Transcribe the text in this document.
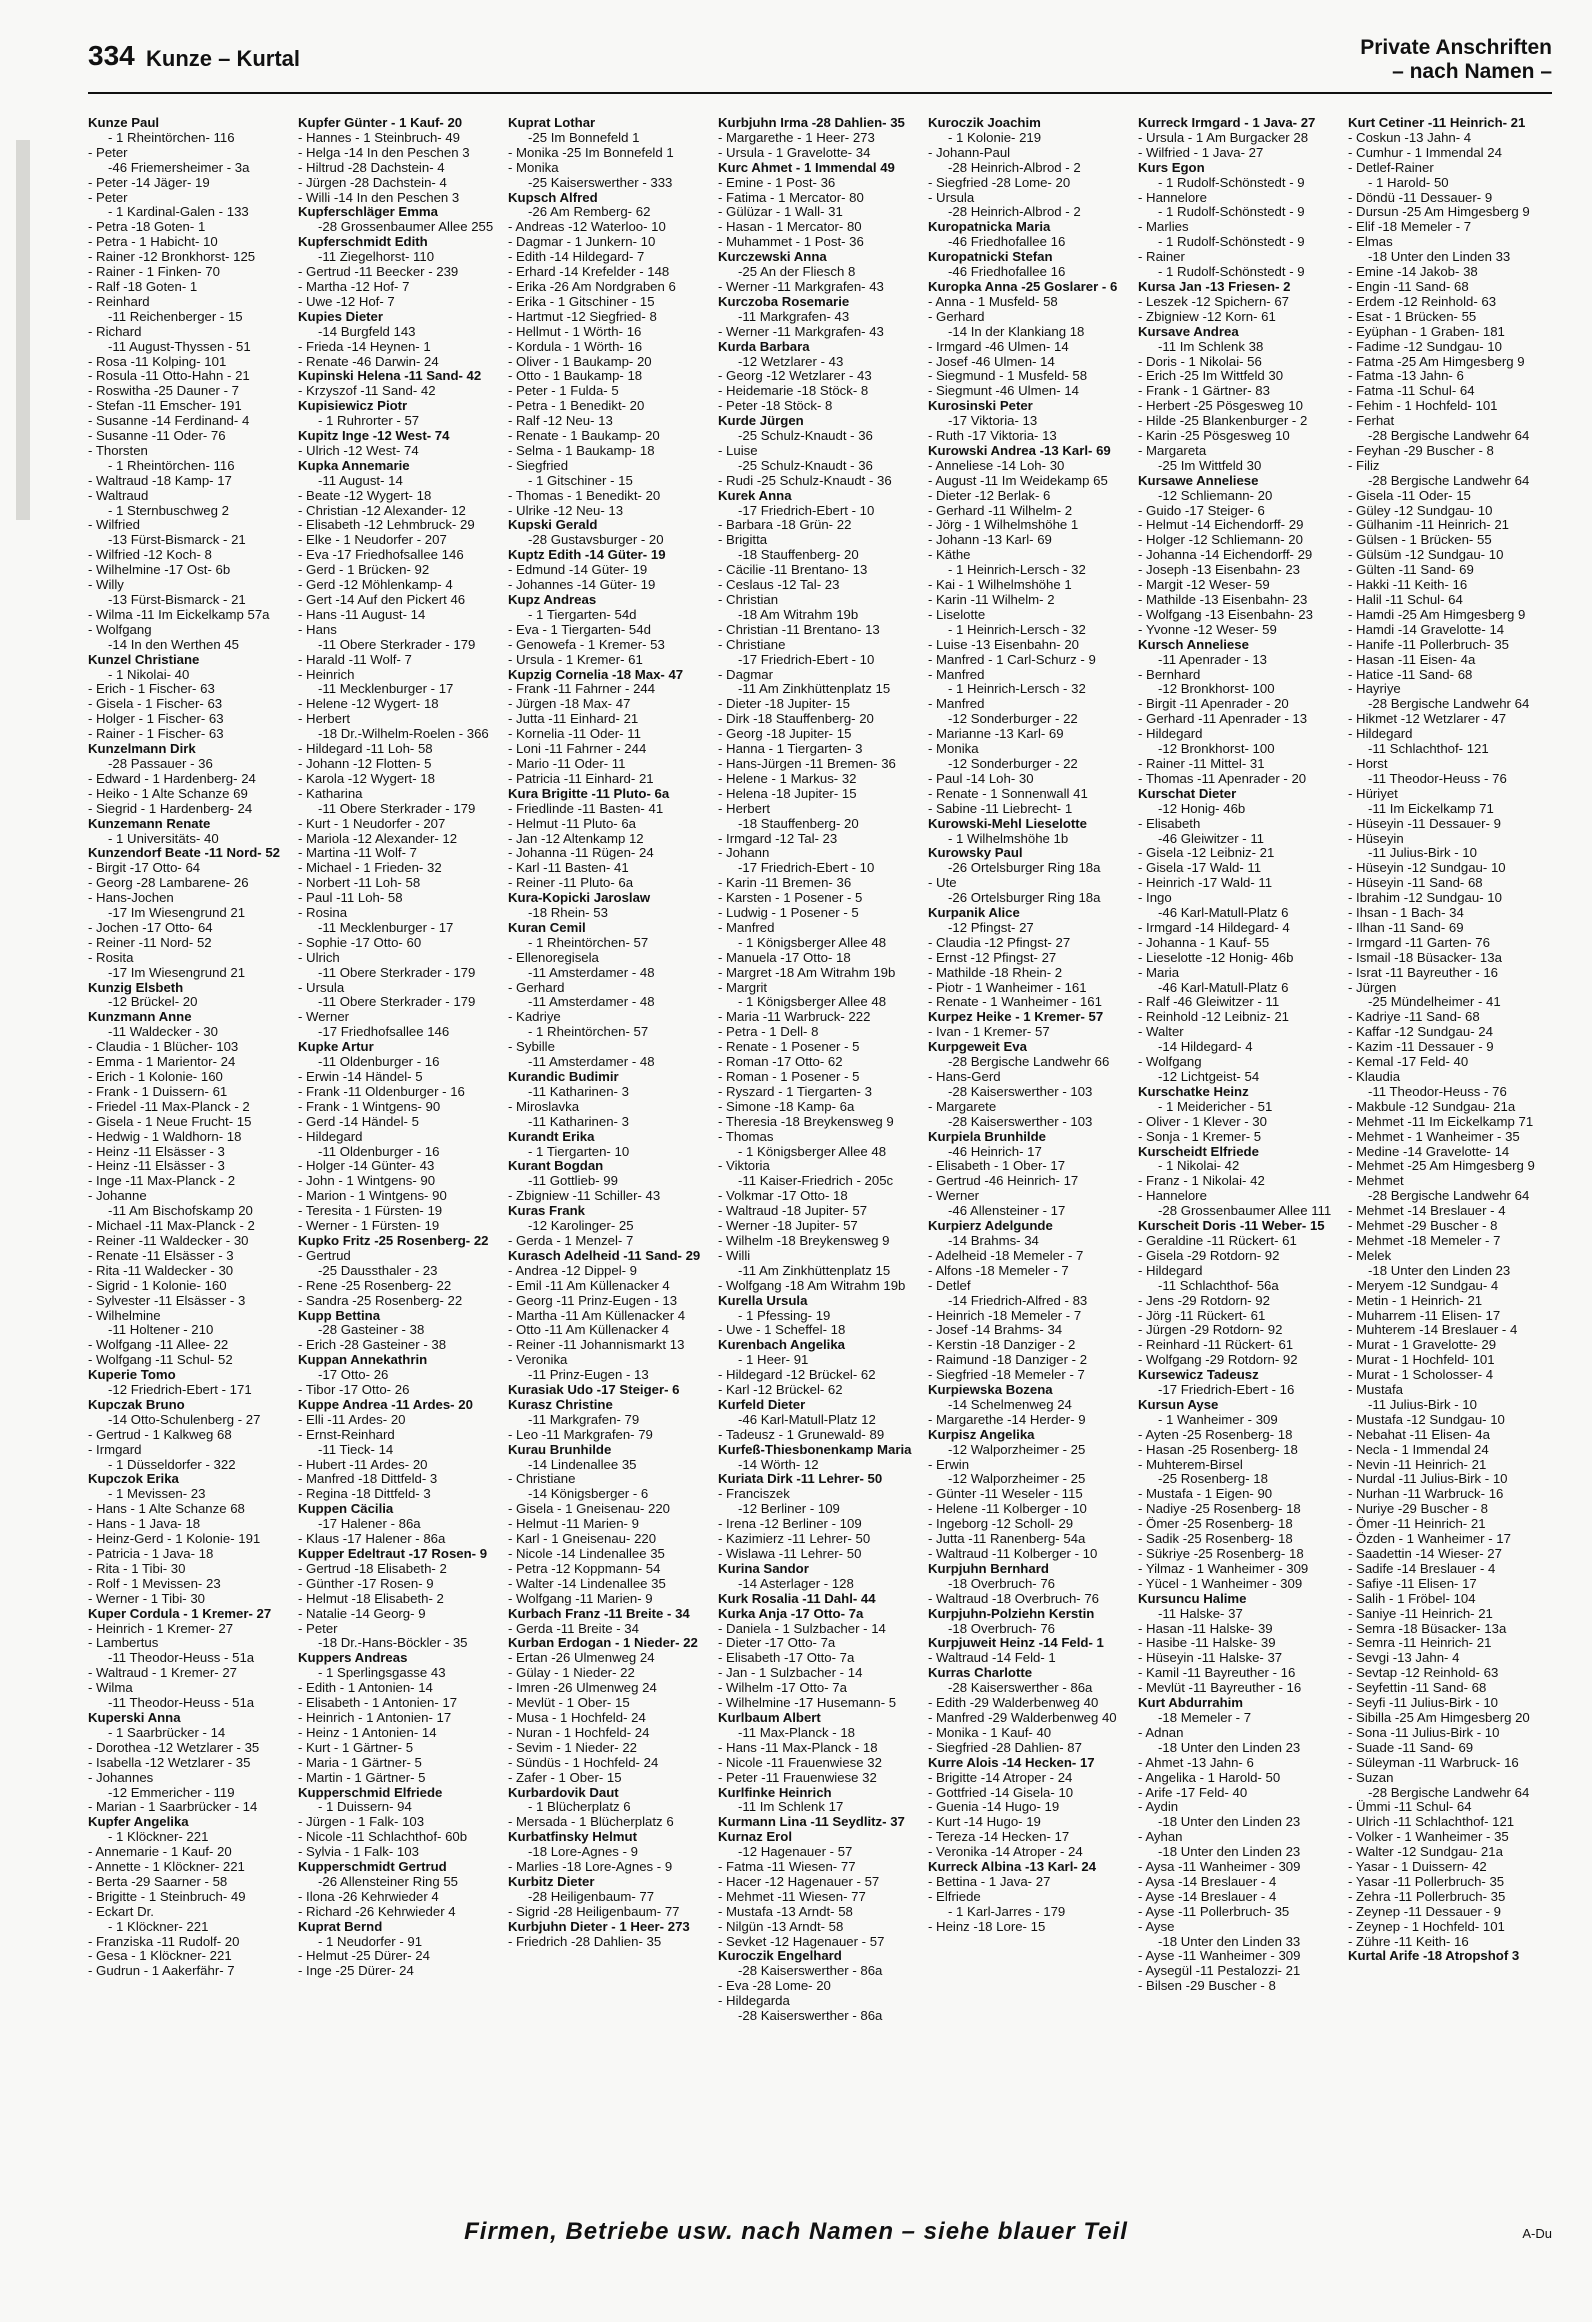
334 Kunze – Kurtal	Private Anschriften
– nach Namen –
Kunze Paul
- 1 Rheintörchen- 116
- Peter
-46 Friemersheimer - 3a
- Peter -14 Jäger- 19
- Peter
- 1 Kardinal-Galen - 133
- Petra -18 Goten- 1
- Petra - 1 Habicht- 10
- Rainer -12 Bronkhorst- 125
- Rainer - 1 Finken- 70
- Ralf -18 Goten- 1
- Reinhard
-11 Reichenberger - 15
- Richard
-11 August-Thyssen - 51
- Rosa -11 Kolping- 101
- Rosula -11 Otto-Hahn - 21
- Roswitha -25 Dauner - 7
- Stefan -11 Emscher- 191
- Susanne -14 Ferdinand- 4
- Susanne -11 Oder- 76
- Thorsten
- 1 Rheintörchen- 116
- Waltraud -18 Kamp- 17
- Waltraud
- 1 Sternbuschweg 2
- Wilfried
-13 Fürst-Bismarck - 21
- Wilfried -12 Koch- 8
- Wilhelmine -17 Ost- 6b
- Willy
-13 Fürst-Bismarck - 21
- Wilma -11 Im Eickelkamp 57a
- Wolfgang
-14 In den Werthen 45
Kunzel Christiane
- 1 Nikolai- 40
- Erich - 1 Fischer- 63
- Gisela - 1 Fischer- 63
- Holger - 1 Fischer- 63
- Rainer - 1 Fischer- 63
Kunzelmann Dirk
-28 Passauer - 36
- Edward - 1 Hardenberg- 24
- Heiko - 1 Alte Schanze 69
- Siegrid - 1 Hardenberg- 24
Kunzemann Renate
- 1 Universitäts- 40
Kunzendorf Beate -11 Nord- 52
- Birgit -17 Otto- 64
- Georg -28 Lambarene- 26
- Hans-Jochen
-17 Im Wiesengrund 21
- Jochen -17 Otto- 64
- Reiner -11 Nord- 52
- Rosita
-17 Im Wiesengrund 21
Kunzig Elsbeth
-12 Brückel- 20
Kunzmann Anne
-11 Waldecker - 30
- Claudia - 1 Blücher- 103
- Emma - 1 Marientor- 24
- Erich - 1 Kolonie- 160
- Frank - 1 Duissern- 61
- Friedel -11 Max-Planck - 2
- Gisela - 1 Neue Frucht- 15
- Hedwig - 1 Waldhorn- 18
- Heinz -11 Elsässer - 3
- Heinz -11 Elsässer - 3
- Inge -11 Max-Planck - 2
- Johanne
-11 Am Bischofskamp 20
- Michael -11 Max-Planck - 2
- Reiner -11 Waldecker - 30
- Renate -11 Elsässer - 3
- Rita -11 Waldecker - 30
- Sigrid - 1 Kolonie- 160
- Sylvester -11 Elsässer - 3
- Wilhelmine
-11 Holtener - 210
- Wolfgang -11 Allee- 22
- Wolfgang -11 Schul- 52
Kuperie Tomo
-12 Friedrich-Ebert - 171
Kupczak Bruno
-14 Otto-Schulenberg - 27
- Gertrud - 1 Kalkweg 68
- Irmgard
- 1 Düsseldorfer - 322
Kupczok Erika
- 1 Mevissen- 23
- Hans - 1 Alte Schanze 68
- Hans - 1 Java- 18
- Heinz-Gerd - 1 Kolonie- 191
- Patricia - 1 Java- 18
- Rita - 1 Tibi- 30
- Rolf - 1 Mevissen- 23
- Werner - 1 Tibi- 30
Kuper Cordula - 1 Kremer- 27
- Heinrich - 1 Kremer- 27
- Lambertus
-11 Theodor-Heuss - 51a
- Waltraud - 1 Kremer- 27
- Wilma
-11 Theodor-Heuss - 51a
Kuperski Anna
- 1 Saarbrücker - 14
- Dorothea -12 Wetzlarer - 35
- Isabella -12 Wetzlarer - 35
- Johannes
-12 Emmericher - 119
- Marian - 1 Saarbrücker - 14
Kupfer Angelika
- 1 Klöckner- 221
- Annemarie - 1 Kauf- 20
- Annette - 1 Klöckner- 221
- Berta -29 Saarner - 58
- Brigitte - 1 Steinbruch- 49
- Eckart Dr.
- 1 Klöckner- 221
- Franziska -11 Rudolf- 20
- Gesa - 1 Klöckner- 221
- Gudrun - 1 Aakerfähr- 7
Kupfer Günter - 1 Kauf- 20
- Hannes - 1 Steinbruch- 49
- Helga -14 In den Peschen 3
- Hiltrud -28 Dachstein- 4
- Jürgen -28 Dachstein- 4
- Willi -14 In den Peschen 3
Kupferschläger Emma
-28 Grossenbaumer Allee 255
Kupferschmidt Edith
-11 Ziegelhorst- 110
- Gertrud -11 Beecker - 239
- Martha -12 Hof- 7
- Uwe -12 Hof- 7
Kupies Dieter
-14 Burgfeld 143
- Frieda -14 Heynen- 1
- Renate -46 Darwin- 24
Kupinski Helena -11 Sand- 42
- Krzyszof -11 Sand- 42
Kupisiewicz Piotr
- 1 Ruhrorter - 57
Kupitz Inge -12 West- 74
- Ulrich -12 West- 74
Kupka Annemarie
-11 August- 14
- Beate -12 Wygert- 18
- Christian -12 Alexander- 12
- Elisabeth -12 Lehmbruck- 29
- Elke - 1 Neudorfer - 207
- Eva -17 Friedhofsallee 146
- Gerd - 1 Brücken- 92
- Gerd -12 Möhlenkamp- 4
- Gert -14 Auf den Pickert 46
- Hans -11 August- 14
- Hans
-11 Obere Sterkrader - 179
- Harald -11 Wolf- 7
- Heinrich
-11 Mecklenburger - 17
- Helene -12 Wygert- 18
- Herbert
-18 Dr.-Wilhelm-Roelen - 366
- Hildegard -11 Loh- 58
- Johann -12 Flotten- 5
- Karola -12 Wygert- 18
- Katharina
-11 Obere Sterkrader - 179
- Kurt - 1 Neudorfer - 207
- Mariola -12 Alexander- 12
- Martina -11 Wolf- 7
- Michael - 1 Frieden- 32
- Norbert -11 Loh- 58
- Paul -11 Loh- 58
- Rosina
-11 Mecklenburger - 17
- Sophie -17 Otto- 60
- Ulrich
-11 Obere Sterkrader - 179
- Ursula
-11 Obere Sterkrader - 179
- Werner
-17 Friedhofsallee 146
Kupke Artur
-11 Oldenburger - 16
- Erwin -14 Händel- 5
- Frank -11 Oldenburger - 16
- Frank - 1 Wintgens- 90
- Gerd -14 Händel- 5
- Hildegard
-11 Oldenburger - 16
- Holger -14 Günter- 43
- John - 1 Wintgens- 90
- Marion - 1 Wintgens- 90
- Teresita - 1 Fürsten- 19
- Werner - 1 Fürsten- 19
Kupko Fritz -25 Rosenberg- 22
- Gertrud
-25 Daussthaler - 23
- Rene -25 Rosenberg- 22
- Sandra -25 Rosenberg- 22
Kupp Bettina
-28 Gasteiner - 38
- Erich -28 Gasteiner - 38
Kuppan Annekathrin
-17 Otto- 26
- Tibor -17 Otto- 26
Kuppe Andrea -11 Ardes- 20
- Elli -11 Ardes- 20
- Ernst-Reinhard
-11 Tieck- 14
- Hubert -11 Ardes- 20
- Manfred -18 Dittfeld- 3
- Regina -18 Dittfeld- 3
Kuppen Cäcilia
-17 Halener - 86a
- Klaus -17 Halener - 86a
Kupper Edeltraut -17 Rosen- 9
- Gertrud -18 Elisabeth- 2
- Günther -17 Rosen- 9
- Helmut -18 Elisabeth- 2
- Natalie -14 Georg- 9
- Peter
-18 Dr.-Hans-Böckler - 35
Kuppers Andreas
- 1 Sperlingsgasse 43
- Edith - 1 Antonien- 14
- Elisabeth - 1 Antonien- 17
- Heinrich - 1 Antonien- 17
- Heinz - 1 Antonien- 14
- Kurt - 1 Gärtner- 5
- Maria - 1 Gärtner- 5
- Martin - 1 Gärtner- 5
Kupperschmid Elfriede
- 1 Duissern- 94
- Jürgen - 1 Falk- 103
- Nicole -11 Schlachthof- 60b
- Sylvia - 1 Falk- 103
Kupperschmidt Gertrud
-26 Allensteiner Ring 55
- Ilona -26 Kehrwieder 4
- Richard -26 Kehrwieder 4
Kuprat Bernd
- 1 Neudorfer - 91
- Helmut -25 Dürer- 24
- Inge -25 Dürer- 24
Kuprat Lothar
-25 Im Bonnefeld 1
- Monika -25 Im Bonnefeld 1
- Monika
-25 Kaiserswerther - 333
Kupsch Alfred
-26 Am Remberg- 62
- Andreas -12 Waterloo- 10
- Dagmar - 1 Junkern- 10
- Edith -14 Hildegard- 7
- Erhard -14 Krefelder - 148
- Erika -26 Am Nordgraben 6
- Erika - 1 Gitschiner - 15
- Hartmut -12 Siegfried- 8
- Hellmut - 1 Wörth- 16
- Kordula - 1 Wörth- 16
- Oliver - 1 Baukamp- 20
- Otto - 1 Baukamp- 18
- Peter - 1 Fulda- 5
- Petra - 1 Benedikt- 20
- Ralf -12 Neu- 13
- Renate - 1 Baukamp- 20
- Selma - 1 Baukamp- 18
- Siegfried
- 1 Gitschiner - 15
- Thomas - 1 Benedikt- 20
- Ulrike -12 Neu- 13
Kupski Gerald
-28 Gustavsburger - 20
Kuptz Edith -14 Güter- 19
- Edmund -14 Güter- 19
- Johannes -14 Güter- 19
Kupz Andreas
- 1 Tiergarten- 54d
- Eva - 1 Tiergarten- 54d
- Genowefa - 1 Kremer- 53
- Ursula - 1 Kremer- 61
Kupzig Cornelia -18 Max- 47
- Frank -11 Fahrner - 244
- Jürgen -18 Max- 47
- Jutta -11 Einhard- 21
- Kornelia -11 Oder- 11
- Loni -11 Fahrner - 244
- Mario -11 Oder- 11
- Patricia -11 Einhard- 21
Kura Brigitte -11 Pluto- 6a
- Friedlinde -11 Basten- 41
- Helmut -11 Pluto- 6a
- Jan -12 Altenkamp 12
- Johanna -11 Rügen- 24
- Karl -11 Basten- 41
- Reiner -11 Pluto- 6a
Kura-Kopicki Jaroslaw
-18 Rhein- 53
Kuran Cemil
- 1 Rheintörchen- 57
- Ellenoregisela
-11 Amsterdamer - 48
- Gerhard
-11 Amsterdamer - 48
- Kadriye
- 1 Rheintörchen- 57
- Sybille
-11 Amsterdamer - 48
Kurandic Budimir
-11 Katharinen- 3
- Miroslavka
-11 Katharinen- 3
Kurandt Erika
- 1 Tiergarten- 10
Kurant Bogdan
-11 Gottlieb- 99
- Zbigniew -11 Schiller- 43
Kuras Frank
-12 Karolinger- 25
- Gerda - 1 Menzel- 7
Kurasch Adelheid -11 Sand- 29
- Andrea -12 Dippel- 9
- Emil -11 Am Küllenacker 4
- Georg -11 Prinz-Eugen - 13
- Martha -11 Am Küllenacker 4
- Otto -11 Am Küllenacker 4
- Reiner -11 Johannismarkt 13
- Veronika
-11 Prinz-Eugen - 13
Kurasiak Udo -17 Steiger- 6
Kurasz Christine
-11 Markgrafen- 79
- Leo -11 Markgrafen- 79
Kurau Brunhilde
-14 Lindenallee 35
- Christiane
-14 Königsberger - 6
- Gisela - 1 Gneisenau- 220
- Helmut -11 Marien- 9
- Karl - 1 Gneisenau- 220
- Nicole -14 Lindenallee 35
- Petra -12 Koppmann- 54
- Walter -14 Lindenallee 35
- Wolfgang -11 Marien- 9
Kurbach Franz -11 Breite - 34
- Gerda -11 Breite - 34
Kurban Erdogan - 1 Nieder- 22
- Ertan -26 Ulmenweg 24
- Gülay - 1 Nieder- 22
- Imren -26 Ulmenweg 24
- Mevlüt - 1 Ober- 15
- Musa - 1 Hochfeld- 24
- Nuran - 1 Hochfeld- 24
- Sevim - 1 Nieder- 22
- Sündüs - 1 Hochfeld- 24
- Zafer - 1 Ober- 15
Kurbardovik Daut
- 1 Blücherplatz 6
- Mersada - 1 Blücherplatz 6
Kurbatfinsky Helmut
-18 Lore-Agnes - 9
- Marlies -18 Lore-Agnes - 9
Kurbitz Dieter
-28 Heiligenbaum- 77
- Sigrid -28 Heiligenbaum- 77
Kurbjuhn Dieter - 1 Heer- 273
- Friedrich -28 Dahlien- 35
Kurbjuhn Irma -28 Dahlien- 35
- Margarethe - 1 Heer- 273
- Ursula - 1 Gravelotte- 34
Kurc Ahmet - 1 Immendal 49
- Emine - 1 Post- 36
- Fatima - 1 Mercator- 80
- Gülüzar - 1 Wall- 31
- Hasan - 1 Mercator- 80
- Muhammet - 1 Post- 36
Kurczewski Anna
-25 An der Fliesch 8
- Werner -11 Markgrafen- 43
Kurczoba Rosemarie
-11 Markgrafen- 43
- Werner -11 Markgrafen- 43
Kurda Barbara
-12 Wetzlarer - 43
- Georg -12 Wetzlarer - 43
- Heidemarie -18 Stöck- 8
- Peter -18 Stöck- 8
Kurde Jürgen
-25 Schulz-Knaudt - 36
- Luise
-25 Schulz-Knaudt - 36
- Rudi -25 Schulz-Knaudt - 36
Kurek Anna
-17 Friedrich-Ebert - 10
- Barbara -18 Grün- 22
- Brigitta
-18 Stauffenberg- 20
- Cäcilie -11 Brentano- 13
- Ceslaus -12 Tal- 23
- Christian
-18 Am Witrahm 19b
- Christian -11 Brentano- 13
- Christiane
-17 Friedrich-Ebert - 10
- Dagmar
-11 Am Zinkhüttenplatz 15
- Dieter -18 Jupiter- 15
- Dirk -18 Stauffenberg- 20
- Georg -18 Jupiter- 15
- Hanna - 1 Tiergarten- 3
- Hans-Jürgen -11 Bremen- 36
- Helene - 1 Markus- 32
- Helena -18 Jupiter- 15
- Herbert
-18 Stauffenberg- 20
- Irmgard -12 Tal- 23
- Johann
-17 Friedrich-Ebert - 10
- Karin -11 Bremen- 36
- Karsten - 1 Posener - 5
- Ludwig - 1 Posener - 5
- Manfred
- 1 Königsberger Allee 48
- Manuela -17 Otto- 18
- Margret -18 Am Witrahm 19b
- Margrit
- 1 Königsberger Allee 48
- Maria -11 Warbruck- 222
- Petra - 1 Dell- 8
- Renate - 1 Posener - 5
- Roman -17 Otto- 62
- Roman - 1 Posener - 5
- Ryszard - 1 Tiergarten- 3
- Simone -18 Kamp- 6a
- Theresia -18 Breykensweg 9
- Thomas
- 1 Königsberger Allee 48
- Viktoria
-11 Kaiser-Friedrich - 205c
- Volkmar -17 Otto- 18
- Waltraud -18 Jupiter- 57
- Werner -18 Jupiter- 57
- Wilhelm -18 Breykensweg 9
- Willi
-11 Am Zinkhüttenplatz 15
- Wolfgang -18 Am Witrahm 19b
Kurella Ursula
- 1 Pfessing- 19
- Uwe - 1 Scheffel- 18
Kurenbach Angelika
- 1 Heer- 91
- Hildegard -12 Brückel- 62
- Karl -12 Brückel- 62
Kurfeld Dieter
-46 Karl-Matull-Platz 12
- Tadeusz - 1 Grunewald- 89
Kurfeß-Thiesbonenkamp Maria
-14 Wörth- 12
Kuriata Dirk -11 Lehrer- 50
- Franciszek
-12 Berliner - 109
- Irena -12 Berliner - 109
- Kazimierz -11 Lehrer- 50
- Wislawa -11 Lehrer- 50
Kurina Sandor
-14 Asterlager - 128
Kurk Rosalia -11 Dahl- 44
Kurka Anja -17 Otto- 7a
- Daniela - 1 Sulzbacher - 14
- Dieter -17 Otto- 7a
- Elisabeth -17 Otto- 7a
- Jan - 1 Sulzbacher - 14
- Wilhelm -17 Otto- 7a
- Wilhelmine -17 Husemann- 5
Kurlbaum Albert
-11 Max-Planck - 18
- Hans -11 Max-Planck - 18
- Nicole -11 Frauenwiese 32
- Peter -11 Frauenwiese 32
Kurlfinke Heinrich
-11 Im Schlenk 17
Kurmann Lina -11 Seydlitz- 37
Kurnaz Erol
-12 Hagenauer - 57
- Fatma -11 Wiesen- 77
- Hacer -12 Hagenauer - 57
- Mehmet -11 Wiesen- 77
- Mustafa -13 Arndt- 58
- Nilgün -13 Arndt- 58
- Sevket -12 Hagenauer - 57
Kuroczik Engelhard
-28 Kaiserswerther - 86a
- Eva -28 Lome- 20
- Hildegarda
-28 Kaiserswerther - 86a
Kuroczik Joachim
- 1 Kolonie- 219
- Johann-Paul
-28 Heinrich-Albrod - 2
- Siegfried -28 Lome- 20
- Ursula
-28 Heinrich-Albrod - 2
Kuropatnicka Maria
-46 Friedhofallee 16
Kuropatnicki Stefan
-46 Friedhofallee 16
Kuropka Anna -25 Goslarer - 6
- Anna - 1 Musfeld- 58
- Gerhard
-14 In der Klankiang 18
- Irmgard -46 Ulmen- 14
- Josef -46 Ulmen- 14
- Siegmund - 1 Musfeld- 58
- Siegmunt -46 Ulmen- 14
Kurosinski Peter
-17 Viktoria- 13
- Ruth -17 Viktoria- 13
Kurowski Andrea -13 Karl- 69
- Anneliese -14 Loh- 30
- August -11 Im Weidekamp 65
- Dieter -12 Berlak- 6
- Gerhard -11 Wilhelm- 2
- Jörg - 1 Wilhelmshöhe 1
- Johann -13 Karl- 69
- Käthe
- 1 Heinrich-Lersch - 32
- Kai - 1 Wilhelmshöhe 1
- Karin -11 Wilhelm- 2
- Liselotte
- 1 Heinrich-Lersch - 32
- Luise -13 Eisenbahn- 20
- Manfred - 1 Carl-Schurz - 9
- Manfred
- 1 Heinrich-Lersch - 32
- Manfred
-12 Sonderburger - 22
- Marianne -13 Karl- 69
- Monika
-12 Sonderburger - 22
- Paul -14 Loh- 30
- Renate - 1 Sonnenwall 41
- Sabine -11 Liebrecht- 1
Kurowski-Mehl Lieselotte
- 1 Wilhelmshöhe 1b
Kurowsky Paul
-26 Ortelsburger Ring 18a
- Ute
-26 Ortelsburger Ring 18a
Kurpanik Alice
-12 Pfingst- 27
- Claudia -12 Pfingst- 27
- Ernst -12 Pfingst- 27
- Mathilde -18 Rhein- 2
- Piotr - 1 Wanheimer - 161
- Renate - 1 Wanheimer - 161
Kurpez Heike - 1 Kremer- 57
- Ivan - 1 Kremer- 57
Kurpgeweit Eva
-28 Bergische Landwehr 66
- Hans-Gerd
-28 Kaiserswerther - 103
- Margarete
-28 Kaiserswerther - 103
Kurpiela Brunhilde
-46 Heinrich- 17
- Elisabeth - 1 Ober- 17
- Gertrud -46 Heinrich- 17
- Werner
-46 Allensteiner - 17
Kurpierz Adelgunde
-14 Brahms- 34
- Adelheid -18 Memeler - 7
- Alfons -18 Memeler - 7
- Detlef
-14 Friedrich-Alfred - 83
- Heinrich -18 Memeler - 7
- Josef -14 Brahms- 34
- Kerstin -18 Danziger - 2
- Raimund -18 Danziger - 2
- Siegfried -18 Memeler - 7
Kurpiewska Bozena
-14 Schelmenweg 24
- Margarethe -14 Herder- 9
Kurpisz Angelika
-12 Walporzheimer - 25
- Erwin
-12 Walporzheimer - 25
- Günter -11 Weseler - 115
- Helene -11 Kolberger - 10
- Ingeborg -12 Scholl- 29
- Jutta -11 Ranenberg- 54a
- Waltraud -11 Kolberger - 10
Kurpjuhn Bernhard
-18 Overbruch- 76
- Waltraud -18 Overbruch- 76
Kurpjuhn-Polziehn Kerstin
-18 Overbruch- 76
Kurpjuweit Heinz -14 Feld- 1
- Waltraud -14 Feld- 1
Kurras Charlotte
-28 Kaiserswerther - 86a
- Edith -29 Walderbenweg 40
- Manfred -29 Walderbenweg 40
- Monika - 1 Kauf- 40
- Siegfried -28 Dahlien- 87
Kurre Alois -14 Hecken- 17
- Brigitte -14 Atroper - 24
- Gottfried -14 Gisela- 10
- Guenia -14 Hugo- 19
- Kurt -14 Hugo- 19
- Tereza -14 Hecken- 17
- Veronika -14 Atroper - 24
Kurreck Albina -13 Karl- 24
- Bettina - 1 Java- 27
- Elfriede
- 1 Karl-Jarres - 179
- Heinz -18 Lore- 15
Kurreck Irmgard - 1 Java- 27
- Ursula - 1 Am Burgacker 28
- Wilfried - 1 Java- 27
Kurs Egon
- 1 Rudolf-Schönstedt - 9
- Hannelore
- 1 Rudolf-Schönstedt - 9
- Marlies
- 1 Rudolf-Schönstedt - 9
- Rainer
- 1 Rudolf-Schönstedt - 9
Kursa Jan -13 Friesen- 2
- Leszek -12 Spichern- 67
- Zbigniew -12 Korn- 61
Kursave Andrea
-11 Im Schlenk 38
- Doris - 1 Nikolai- 56
- Erich -25 Im Wittfeld 30
- Frank - 1 Gärtner- 83
- Herbert -25 Pösgesweg 10
- Hilde -25 Blankenburger - 2
- Karin -25 Pösgesweg 10
- Margareta
-25 Im Wittfeld 30
Kursawe Anneliese
-12 Schliemann- 20
- Guido -17 Steiger- 6
- Helmut -14 Eichendorff- 29
- Holger -12 Schliemann- 20
- Johanna -14 Eichendorff- 29
- Joseph -13 Eisenbahn- 23
- Margit -12 Weser- 59
- Mathilde -13 Eisenbahn- 23
- Wolfgang -13 Eisenbahn- 23
- Yvonne -12 Weser- 59
Kursch Anneliese
-11 Apenrader - 13
- Bernhard
-12 Bronkhorst- 100
- Birgit -11 Apenrader - 20
- Gerhard -11 Apenrader - 13
- Hildegard
-12 Bronkhorst- 100
- Rainer -11 Mittel- 31
- Thomas -11 Apenrader - 20
Kurschat Dieter
-12 Honig- 46b
- Elisabeth
-46 Gleiwitzer - 11
- Gisela -12 Leibniz- 21
- Gisela -17 Wald- 11
- Heinrich -17 Wald- 11
- Ingo
-46 Karl-Matull-Platz 6
- Irmgard -14 Hildegard- 4
- Johanna - 1 Kauf- 55
- Lieselotte -12 Honig- 46b
- Maria
-46 Karl-Matull-Platz 6
- Ralf -46 Gleiwitzer - 11
- Reinhold -12 Leibniz- 21
- Walter
-14 Hildegard- 4
- Wolfgang
-12 Lichtgeist- 54
Kurschatke Heinz
- 1 Meidericher - 51
- Oliver - 1 Klever - 30
- Sonja - 1 Kremer- 5
Kurscheidt Elfriede
- 1 Nikolai- 42
- Franz - 1 Nikolai- 42
- Hannelore
-28 Grossenbaumer Allee 111
Kurscheit Doris -11 Weber- 15
- Geraldine -11 Rückert- 61
- Gisela -29 Rotdorn- 92
- Hildegard
-11 Schlachthof- 56a
- Jens -29 Rotdorn- 92
- Jörg -11 Rückert- 61
- Jürgen -29 Rotdorn- 92
- Reinhard -11 Rückert- 61
- Wolfgang -29 Rotdorn- 92
Kursewicz Tadeusz
-17 Friedrich-Ebert - 16
Kursun Ayse
- 1 Wanheimer - 309
- Ayten -25 Rosenberg- 18
- Hasan -25 Rosenberg- 18
- Muhterem-Birsel
-25 Rosenberg- 18
- Mustafa - 1 Eigen- 90
- Nadiye -25 Rosenberg- 18
- Ömer -25 Rosenberg- 18
- Sadik -25 Rosenberg- 18
- Sükriye -25 Rosenberg- 18
- Yilmaz - 1 Wanheimer - 309
- Yücel - 1 Wanheimer - 309
Kursuncu Halime
-11 Halske- 37
- Hasan -11 Halske- 39
- Hasibe -11 Halske- 39
- Hüseyin -11 Halske- 37
- Kamil -11 Bayreuther - 16
- Mevlüt -11 Bayreuther - 16
Kurt Abdurrahim
-18 Memeler - 7
- Adnan
-18 Unter den Linden 23
- Ahmet -13 Jahn- 6
- Angelika - 1 Harold- 50
- Arife -17 Feld- 40
- Aydin
-18 Unter den Linden 23
- Ayhan
-18 Unter den Linden 23
- Aysa -11 Wanheimer - 309
- Aysa -14 Breslauer - 4
- Ayse -14 Breslauer - 4
- Ayse -11 Pollerbruch- 35
- Ayse
-18 Unter den Linden 33
- Ayse -11 Wanheimer - 309
- Aysegül -11 Pestalozzi- 21
- Bilsen -29 Buscher - 8
Kurt Cetiner -11 Heinrich- 21
- Coskun -13 Jahn- 4
- Cumhur - 1 Immendal 24
- Detlef-Rainer
- 1 Harold- 50
- Döndü -11 Dessauer- 9
- Dursun -25 Am Himgesberg 9
- Elif -18 Memeler - 7
- Elmas
-18 Unter den Linden 33
- Emine -14 Jakob- 38
- Engin -11 Sand- 68
- Erdem -12 Reinhold- 63
- Esat - 1 Brücken- 55
- Eyüphan - 1 Graben- 181
- Fadime -12 Sundgau- 10
- Fatma -25 Am Himgesberg 9
- Fatma -13 Jahn- 6
- Fatma -11 Schul- 64
- Fehim - 1 Hochfeld- 101
- Ferhat
-28 Bergische Landwehr 64
- Feyhan -29 Buscher - 8
- Filiz
-28 Bergische Landwehr 64
- Gisela -11 Oder- 15
- Güley -12 Sundgau- 10
- Gülhanim -11 Heinrich- 21
- Gülsen - 1 Brücken- 55
- Gülsüm -12 Sundgau- 10
- Gülten -11 Sand- 69
- Hakki -11 Keith- 16
- Halil -11 Schul- 64
- Hamdi -25 Am Himgesberg 9
- Hamdi -14 Gravelotte- 14
- Hanife -11 Pollerbruch- 35
- Hasan -11 Eisen- 4a
- Hatice -11 Sand- 68
- Hayriye
-28 Bergische Landwehr 64
- Hikmet -12 Wetzlarer - 47
- Hildegard
-11 Schlachthof- 121
- Horst
-11 Theodor-Heuss - 76
- Hüriyet
-11 Im Eickelkamp 71
- Hüseyin -11 Dessauer- 9
- Hüseyin
-11 Julius-Birk - 10
- Hüseyin -12 Sundgau- 10
- Hüseyin -11 Sand- 68
- Ibrahim -12 Sundgau- 10
- Ihsan - 1 Bach- 34
- Ilhan -11 Sand- 69
- Irmgard -11 Garten- 76
- Ismail -18 Büsacker- 13a
- Israt -11 Bayreuther - 16
- Jürgen
-25 Mündelheimer - 41
- Kadriye -11 Sand- 68
- Kaffar -12 Sundgau- 24
- Kazim -11 Dessauer - 9
- Kemal -17 Feld- 40
- Klaudia
-11 Theodor-Heuss - 76
- Makbule -12 Sundgau- 21a
- Mehmet -11 Im Eickelkamp 71
- Mehmet - 1 Wanheimer - 35
- Medine -14 Gravelotte- 14
- Mehmet -25 Am Himgesberg 9
- Mehmet
-28 Bergische Landwehr 64
- Mehmet -14 Breslauer - 4
- Mehmet -29 Buscher - 8
- Mehmet -18 Memeler - 7
- Melek
-18 Unter den Linden 23
- Meryem -12 Sundgau- 4
- Metin - 1 Heinrich- 21
- Muharrem -11 Elisen- 17
- Muhterem -14 Breslauer - 4
- Murat - 1 Gravelotte- 29
- Murat - 1 Hochfeld- 101
- Murat - 1 Scholosser- 4
- Mustafa
-11 Julius-Birk - 10
- Mustafa -12 Sundgau- 10
- Nebahat -11 Elisen- 4a
- Necla - 1 Immendal 24
- Nevin -11 Heinrich- 21
- Nurdal -11 Julius-Birk - 10
- Nurhan -11 Warbruck- 16
- Nuriye -29 Buscher - 8
- Ömer -11 Heinrich- 21
- Özden - 1 Wanheimer - 17
- Saadettin -14 Wieser- 27
- Sadife -14 Breslauer - 4
- Safiye -11 Elisen- 17
- Salih - 1 Fröbel- 104
- Saniye -11 Heinrich- 21
- Semra -18 Büsacker- 13a
- Semra -11 Heinrich- 21
- Sevgi -13 Jahn- 4
- Sevtap -12 Reinhold- 63
- Seyfettin -11 Sand- 68
- Seyfi -11 Julius-Birk - 10
- Sibilla -25 Am Himgesberg 20
- Sona -11 Julius-Birk - 10
- Suade -11 Sand- 69
- Süleyman -11 Warbruck- 16
- Suzan
-28 Bergische Landwehr 64
- Ümmi -11 Schul- 64
- Ulrich -11 Schlachthof- 121
- Volker - 1 Wanheimer - 35
- Walter -12 Sundgau- 21a
- Yasar - 1 Duissern- 42
- Yasar -11 Pollerbruch- 35
- Zehra -11 Pollerbruch- 35
- Zeynep -11 Dessauer - 9
- Zeynep - 1 Hochfeld- 101
- Zühre -11 Keith- 16
Kurtal Arife -18 Atropshof 3
Firmen, Betriebe usw. nach Namen – siehe blauer Teil	A-Du
